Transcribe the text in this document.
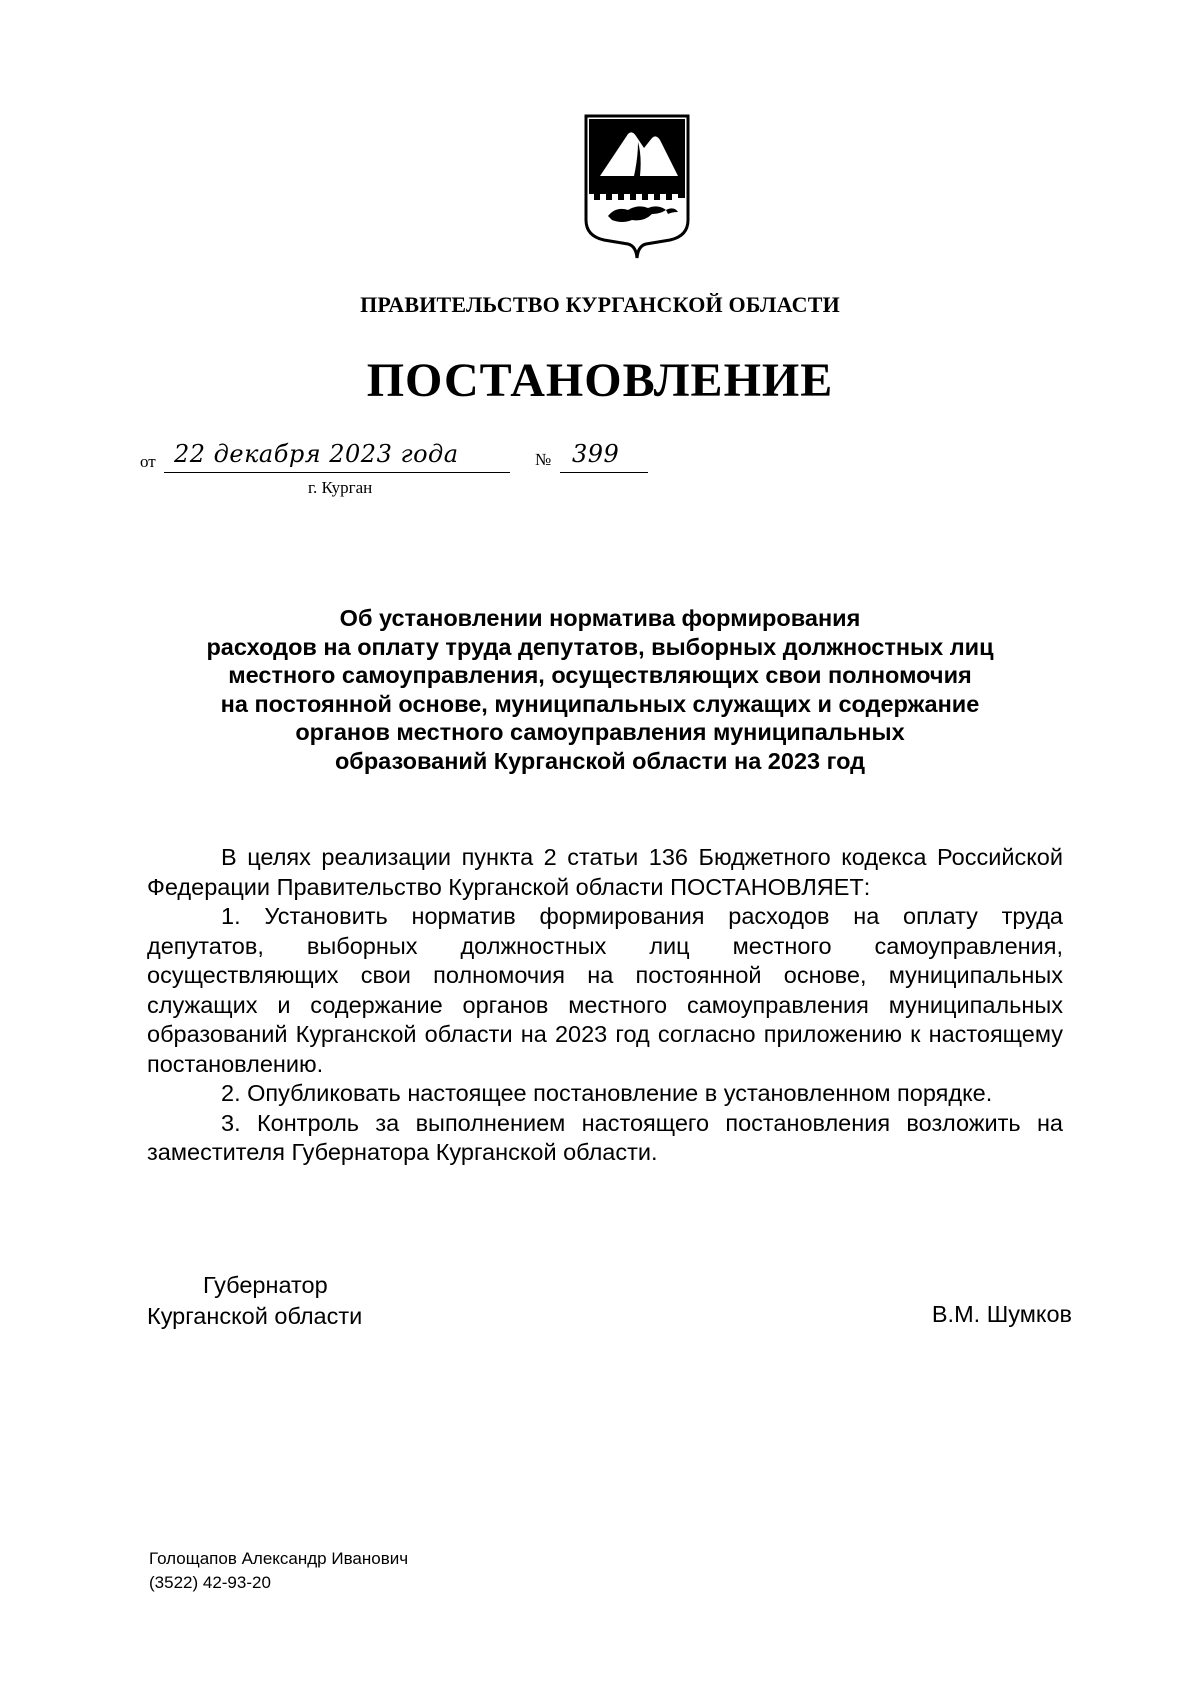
ПРАВИТЕЛЬСТВО КУРГАНСКОЙ ОБЛАСТИ
ПОСТАНОВЛЕНИЕ
от 22 декабря 2023 года	№ 399
г. Курган
Об установлении норматива формирования
расходов на оплату труда депутатов, выборных должностных лиц
местного самоуправления, осуществляющих свои полномочия
на постоянной основе, муниципальных служащих и содержание
органов местного самоуправления муниципальных
образований Курганской области на 2023 год

В целях реализации пункта 2 статьи 136 Бюджетного кодекса Российской Федерации Правительство Курганской области ПОСТАНОВЛЯЕТ:

1. Установить норматив формирования расходов на оплату труда депутатов, выборных должностных лиц местного самоуправления, осуществляющих свои полномочия на постоянной основе, муниципальных служащих и содержание органов местного самоуправления муниципальных образований Курганской области на 2023 год согласно приложению к настоящему постановлению.

2. Опубликовать настоящее постановление в установленном порядке.

3. Контроль за выполнением настоящего постановления возложить на заместителя Губернатора Курганской области.

Губернатор
Курганской области	В.М. Шумков
Голощапов Александр Иванович
(3522) 42-93-20
